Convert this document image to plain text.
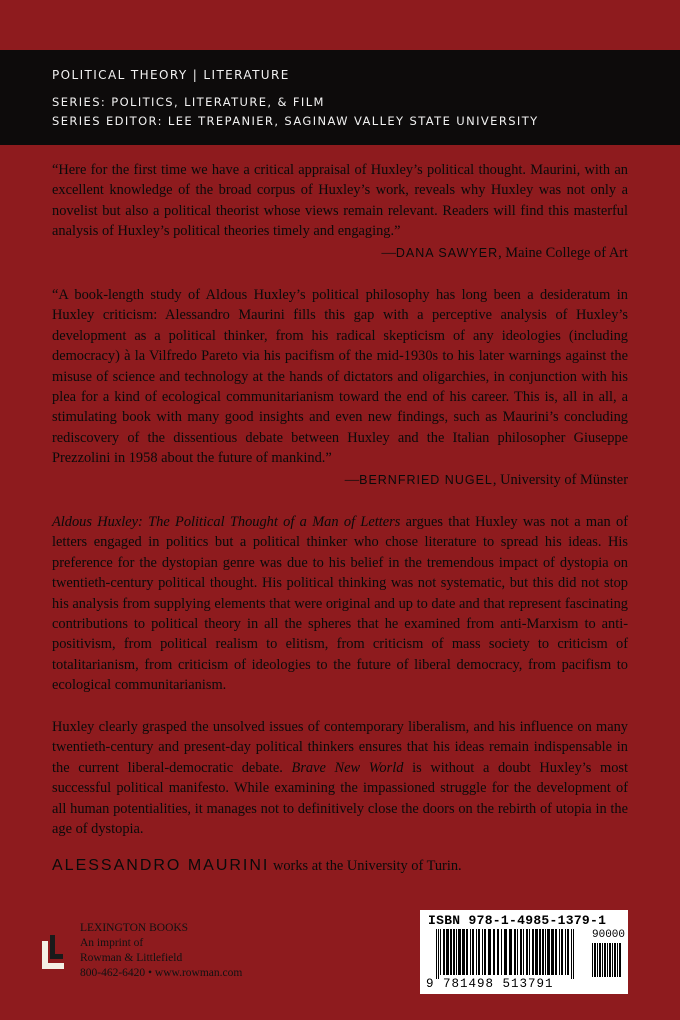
POLITICAL THEORY | LITERATURE
SERIES: POLITICS, LITERATURE, & FILM
SERIES EDITOR: LEE TREPANIER, SAGINAW VALLEY STATE UNIVERSITY
“Here for the first time we have a critical appraisal of Huxley’s political thought. Maurini, with an excellent knowledge of the broad corpus of Huxley’s work, reveals why Huxley was not only a novelist but also a political theorist whose views remain relevant. Readers will find this masterful analysis of Huxley’s political theories timely and engaging.”
—DANA SAWYER, Maine College of Art
“A book-length study of Aldous Huxley’s political philosophy has long been a desideratum in Huxley criticism: Alessandro Maurini fills this gap with a perceptive analysis of Huxley’s development as a political thinker, from his radical skepticism of any ideologies (including democracy) à la Vilfredo Pareto via his pacifism of the mid-1930s to his later warnings against the misuse of science and technology at the hands of dictators and oligarchies, in conjunction with his plea for a kind of ecological communitarianism toward the end of his career. This is, all in all, a stimulating book with many good insights and even new findings, such as Maurini’s concluding rediscovery of the dissentious debate between Huxley and the Italian philosopher Giuseppe Prezzolini in 1958 about the future of mankind.”
—BERNFRIED NUGEL, University of Münster
Aldous Huxley: The Political Thought of a Man of Letters argues that Huxley was not a man of letters engaged in politics but a political thinker who chose literature to spread his ideas. His preference for the dystopian genre was due to his belief in the tremendous impact of dystopia on twentieth-century political thought. His political thinking was not systematic, but this did not stop his analysis from supplying elements that were original and up to date and that represent fascinating contributions to political theory in all the spheres that he examined from anti-Marxism to anti-positivism, from political realism to elitism, from criticism of mass society to criticism of totalitarianism, from criticism of ideologies to the future of liberal democracy, from pacifism to ecological communitarianism.
Huxley clearly grasped the unsolved issues of contemporary liberalism, and his influence on many twentieth-century and present-day political thinkers ensures that his ideas remain indispensable in the current liberal-democratic debate. Brave New World is without a doubt Huxley’s most successful political manifesto. While examining the impassioned struggle for the development of all human potentialities, it manages not to definitively close the doors on the rebirth of utopia in the age of dystopia.
ALESSANDRO MAURINI works at the University of Turin.
LEXINGTON BOOKS
An imprint of
Rowman & Littlefield
800-462-6420 • www.rowman.com
ISBN 978-1-4985-1379-1
90000
9 781498 513791
